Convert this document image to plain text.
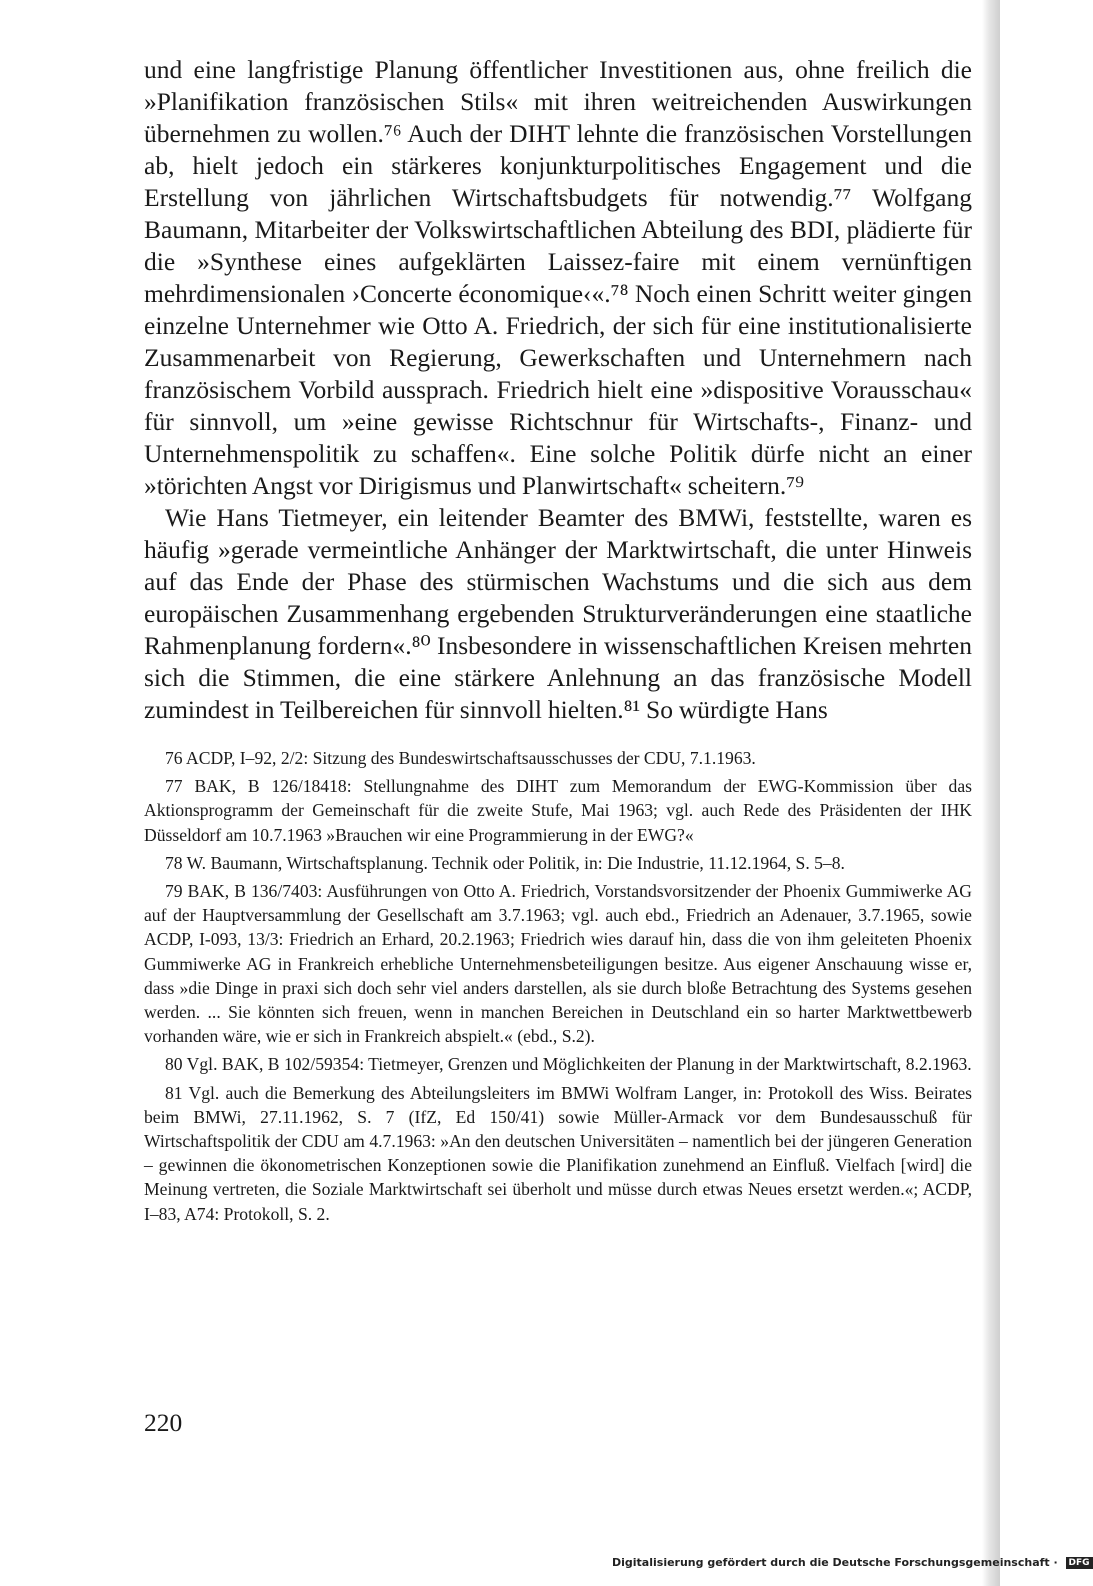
und eine langfristige Planung öffentlicher Investitionen aus, ohne freilich die »Planifikation französischen Stils« mit ihren weitreichenden Auswirkungen übernehmen zu wollen.⁷⁶ Auch der DIHT lehnte die französischen Vorstellungen ab, hielt jedoch ein stärkeres konjunkturpolitisches Engagement und die Erstellung von jährlichen Wirtschaftsbudgets für notwendig.⁷⁷ Wolfgang Baumann, Mitarbeiter der Volkswirtschaftlichen Abteilung des BDI, plädierte für die »Synthese eines aufgeklärten Laissez-faire mit einem vernünftigen mehrdimensionalen ›Concerte économique‹«.⁷⁸ Noch einen Schritt weiter gingen einzelne Unternehmer wie Otto A. Friedrich, der sich für eine institutionalisierte Zusammenarbeit von Regierung, Gewerkschaften und Unternehmern nach französischem Vorbild aussprach. Friedrich hielt eine »dispositive Vorausschau« für sinnvoll, um »eine gewisse Richtschnur für Wirtschafts-, Finanz- und Unternehmenspolitik zu schaffen«. Eine solche Politik dürfe nicht an einer »törichten Angst vor Dirigismus und Planwirtschaft« scheitern.⁷⁹

Wie Hans Tietmeyer, ein leitender Beamter des BMWi, feststellte, waren es häufig »gerade vermeintliche Anhänger der Marktwirtschaft, die unter Hinweis auf das Ende der Phase des stürmischen Wachstums und die sich aus dem europäischen Zusammenhang ergebenden Strukturveränderungen eine staatliche Rahmenplanung fordern«.⁸⁰ Insbesondere in wissenschaftlichen Kreisen mehrten sich die Stimmen, die eine stärkere Anlehnung an das französische Modell zumindest in Teilbereichen für sinnvoll hielten.⁸¹ So würdigte Hans

76 ACDP, I–92, 2/2: Sitzung des Bundeswirtschaftsausschusses der CDU, 7.1.1963.

77 BAK, B 126/18418: Stellungnahme des DIHT zum Memorandum der EWG-Kommission über das Aktionsprogramm der Gemeinschaft für die zweite Stufe, Mai 1963; vgl. auch Rede des Präsidenten der IHK Düsseldorf am 10.7.1963 »Brauchen wir eine Programmierung in der EWG?«

78 W. Baumann, Wirtschaftsplanung. Technik oder Politik, in: Die Industrie, 11.12.1964, S. 5–8.

79 BAK, B 136/7403: Ausführungen von Otto A. Friedrich, Vorstandsvorsitzender der Phoenix Gummiwerke AG auf der Hauptversammlung der Gesellschaft am 3.7.1963; vgl. auch ebd., Friedrich an Adenauer, 3.7.1965, sowie ACDP, I-093, 13/3: Friedrich an Erhard, 20.2.1963; Friedrich wies darauf hin, dass die von ihm geleiteten Phoenix Gummiwerke AG in Frankreich erhebliche Unternehmensbeteiligungen besitze. Aus eigener Anschauung wisse er, dass »die Dinge in praxi sich doch sehr viel anders darstellen, als sie durch bloße Betrachtung des Systems gesehen werden. ... Sie könnten sich freuen, wenn in manchen Bereichen in Deutschland ein so harter Marktwettbewerb vorhanden wäre, wie er sich in Frankreich abspielt.« (ebd., S.2).

80 Vgl. BAK, B 102/59354: Tietmeyer, Grenzen und Möglichkeiten der Planung in der Marktwirtschaft, 8.2.1963.

81 Vgl. auch die Bemerkung des Abteilungsleiters im BMWi Wolfram Langer, in: Protokoll des Wiss. Beirates beim BMWi, 27.11.1962, S. 7 (IfZ, Ed 150/41) sowie Müller-Armack vor dem Bundesausschuß für Wirtschaftspolitik der CDU am 4.7.1963: »An den deutschen Universitäten – namentlich bei der jüngeren Generation – gewinnen die ökonometrischen Konzeptionen sowie die Planifikation zunehmend an Einfluß. Vielfach [wird] die Meinung vertreten, die Soziale Marktwirtschaft sei überholt und müsse durch etwas Neues ersetzt werden.«; ACDP, I–83, A74: Protokoll, S. 2.

220

Digitalisierung gefördert durch die Deutsche Forschungsgemeinschaft · DFG
